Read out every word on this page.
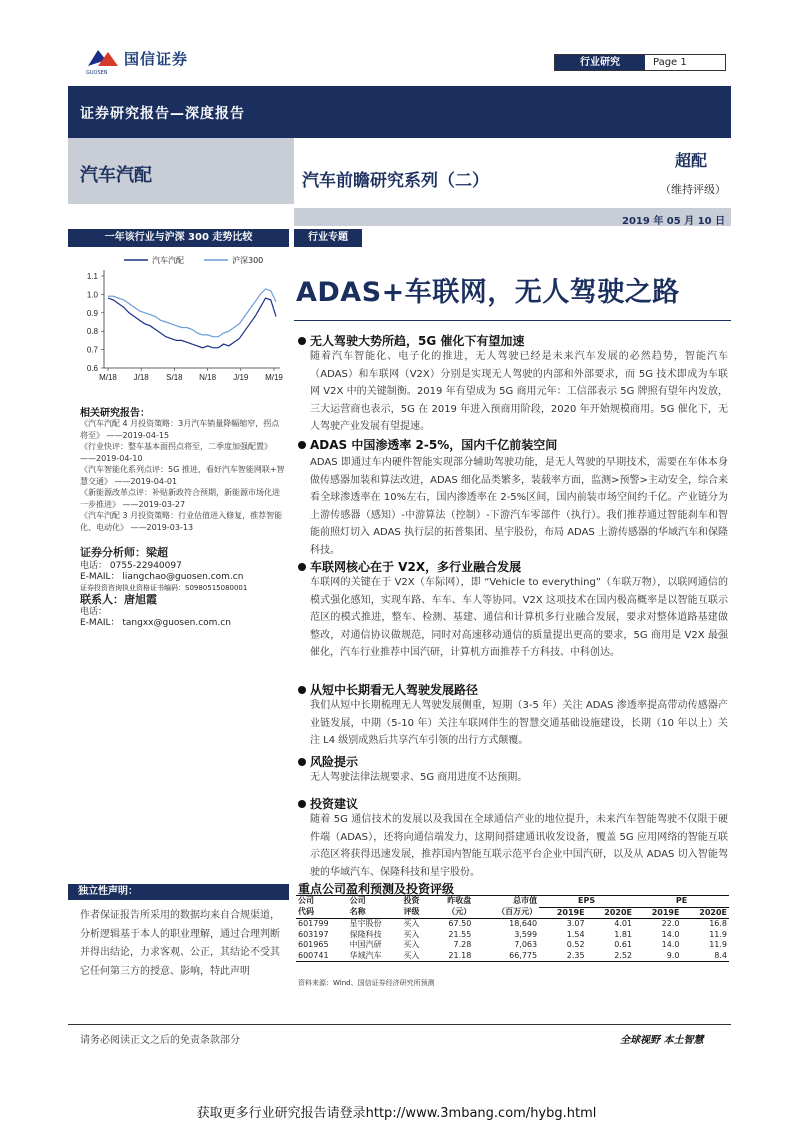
国信证券
GUOSEN
行业研究	Page 1
证券研究报告—深度报告
汽车汽配	汽车前瞻研究系列（二）
超配
（维持评级）
2019 年 05 月 10 日
一年该行业与沪深 300 走势比较	行业专题
1.1
1.0
0.9
0.8
0.7
0.6
M/18 J/18 S/18 N/18 J/19 M/19
汽车汽配	沪深300
ADAS+车联网，无人驾驶之路
无人驾驶大势所趋，5G 催化下有望加速
随着汽车智能化、电子化的推进，无人驾驶已经是未来汽车发展的必然趋势，智能汽车（ADAS）和车联网（V2X）分别是实现无人驾驶的内部和外部要求，而 5G 技术即成为车联网 V2X 中的关键制衡。2019 年有望成为 5G 商用元年：工信部表示 5G 牌照有望年内发放，三大运营商也表示，5G 在 2019 年进入预商用阶段，2020 年开始规模商用。5G 催化下，无人驾驶产业发展有望提速。
ADAS 中国渗透率 2-5%，国内千亿前装空间
ADAS 即通过车内硬件智能实现部分辅助驾驶功能，是无人驾驶的早期技术，需要在车体本身做传感器加装和算法改进，ADAS 细化品类繁多，装载率方面，监测>预警>主动安全，综合来看全球渗透率在 10%左右，国内渗透率在 2-5%区间，国内前装市场空间约千亿。产业链分为上游传感器（感知）-中游算法（控制）-下游汽车零部件（执行）。我们推荐通过智能刹车和智能前照灯切入 ADAS 执行层的拓普集团、星宇股份，布局 ADAS 上游传感器的华域汽车和保隆科技。
车联网核心在于 V2X，多行业融合发展
车联网的关键在于 V2X（车际网），即 “Vehicle to everything”（车联万物），以联网通信的模式强化感知，实现车路、车车、车人等协同。V2X 这项技术在国内极高概率是以智能互联示范区的模式推进，整车、检测、基建、通信和计算机多行业融合发展，要求对整体道路基建做整改，对通信协议做规范，同时对高速移动通信的质量提出更高的要求，5G 商用是 V2X 最强催化，汽车行业推荐中国汽研，计算机方面推荐千方科技、中科创达。
从短中长期看无人驾驶发展路径
我们从短中长期梳理无人驾驶发展侧重，短期（3-5 年）关注 ADAS 渗透率提高带动传感器产业链发展，中期（5-10 年）关注车联网伴生的智慧交通基础设施建设，长期（10 年以上）关注 L4 级别成熟后共享汽车引领的出行方式颠覆。
风险提示
无人驾驶法律法规要求、5G 商用进度不达预期。
投资建议
随着 5G 通信技术的发展以及我国在全球通信产业的地位提升，未来汽车智能驾驶不仅限于硬件端（ADAS），还将向通信端发力，这期间搭建通讯收发设备，覆盖 5G 应用网络的智能互联示范区将获得迅速发展，推荐国内智能互联示范平台企业中国汽研，以及从 ADAS 切入智能驾驶的华域汽车、保隆科技和星宇股份。
相关研究报告：
《汽车汽配 4 月投资策略：3月汽车销量降幅缩窄，拐点将至》 ——2019-04-15
《行业快评：整车基本面拐点将至，二季度加强配置》 ——2019-04-10
《汽车智能化系列点评：5G 推进，看好汽车智能网联+智慧交通》 ——2019-04-01
《新能源改革点评：补贴新政符合预期，新能源市场化进一步推进》 ——2019-03-27
《汽车汽配 3 月投资策略：行业估值进入修复，推荐智能化、电动化》 ——2019-03-13
证券分析师：梁超
电话： 0755-22940097
E-MAIL： liangchao@guosen.com.cn
证券投资咨询执业资格证书编码：S0980515080001
联系人：唐旭霞
电话：
E-MAIL： tangxx@guosen.com.cn
独立性声明：
作者保证报告所采用的数据均来自合规渠道，分析逻辑基于本人的职业理解，通过合理判断并得出结论，力求客观、公正，其结论不受其它任何第三方的授意、影响，特此声明
重点公司盈利预测及投资评级
公司	公司	投资	昨收盘	总市值	EPS		PE	
代码	名称	评级	（元）	（百万元）	2019E	2020E	2019E	2020E
601799	星宇股份	买入	67.50	18,640	3.07	4.01	22.0	16.8
603197	保隆科技	买入	21.55	3,599	1.54	1.81	14.0	11.9
601965	中国汽研	买入	7.28	7,063	0.52	0.61	14.0	11.9
600741	华域汽车	买入	21.18	66,775	2.35	2.52	9.0	8.4
资料来源：Wind、国信证券经济研究所预测
请务必阅读正文之后的免责条款部分	全球视野 本土智慧
获取更多行业研究报告请登录http://www.3mbang.com/hybg.html
